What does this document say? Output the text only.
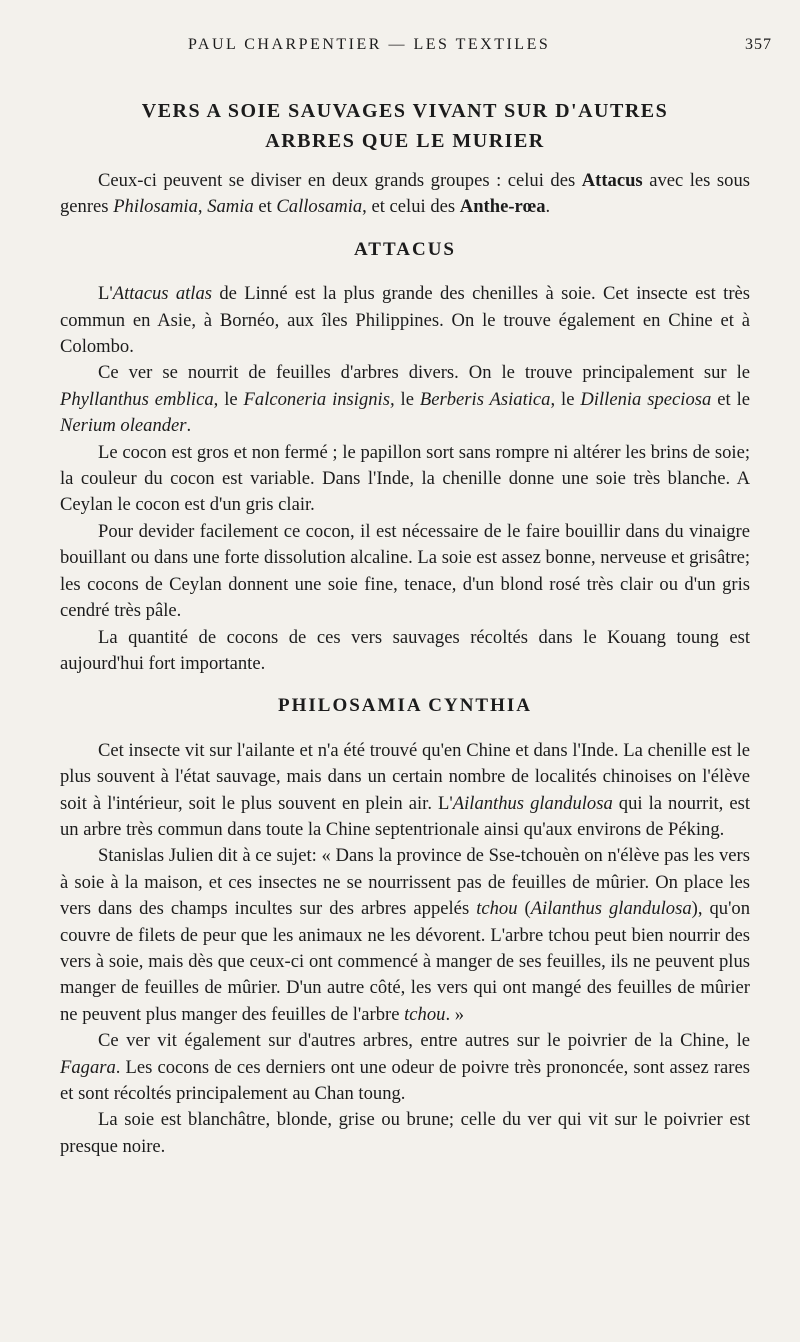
PAUL CHARPENTIER — LES TEXTILES	357
VERS A SOIE SAUVAGES VIVANT SUR D'AUTRES
ARBRES QUE LE MURIER

Ceux-ci peuvent se diviser en deux grands groupes : celui des Attacus avec les sous genres Philosamia, Samia et Callosamia, et celui des Anthe-rœa.

ATTACUS

L'Attacus atlas de Linné est la plus grande des chenilles à soie. Cet insecte est très commun en Asie, à Bornéo, aux îles Philippines. On le trouve également en Chine et à Colombo.

Ce ver se nourrit de feuilles d'arbres divers. On le trouve principalement sur le Phyllanthus emblica, le Falconeria insignis, le Berberis Asiatica, le Dillenia speciosa et le Nerium oleander.

Le cocon est gros et non fermé ; le papillon sort sans rompre ni altérer les brins de soie; la couleur du cocon est variable. Dans l'Inde, la chenille donne une soie très blanche. A Ceylan le cocon est d'un gris clair.

Pour devider facilement ce cocon, il est nécessaire de le faire bouillir dans du vinaigre bouillant ou dans une forte dissolution alcaline. La soie est assez bonne, nerveuse et grisâtre; les cocons de Ceylan donnent une soie fine, tenace, d'un blond rosé très clair ou d'un gris cendré très pâle.

La quantité de cocons de ces vers sauvages récoltés dans le Kouang toung est aujourd'hui fort importante.

PHILOSAMIA CYNTHIA

Cet insecte vit sur l'ailante et n'a été trouvé qu'en Chine et dans l'Inde. La chenille est le plus souvent à l'état sauvage, mais dans un certain nombre de localités chinoises on l'élève soit à l'intérieur, soit le plus souvent en plein air. L'Ailanthus glandulosa qui la nourrit, est un arbre très commun dans toute la Chine septentrionale ainsi qu'aux environs de Péking.

Stanislas Julien dit à ce sujet: « Dans la province de Sse-tchouèn on n'élève pas les vers à soie à la maison, et ces insectes ne se nourrissent pas de feuilles de mûrier. On place les vers dans des champs incultes sur des arbres appelés tchou (Ailanthus glandulosa), qu'on couvre de filets de peur que les animaux ne les dévorent. L'arbre tchou peut bien nourrir des vers à soie, mais dès que ceux-ci ont commencé à manger de ses feuilles, ils ne peuvent plus manger de feuilles de mûrier. D'un autre côté, les vers qui ont mangé des feuilles de mûrier ne peuvent plus manger des feuilles de l'arbre tchou. »

Ce ver vit également sur d'autres arbres, entre autres sur le poivrier de la Chine, le Fagara. Les cocons de ces derniers ont une odeur de poivre très prononcée, sont assez rares et sont récoltés principalement au Chan toung.

La soie est blanchâtre, blonde, grise ou brune; celle du ver qui vit sur le poivrier est presque noire.
